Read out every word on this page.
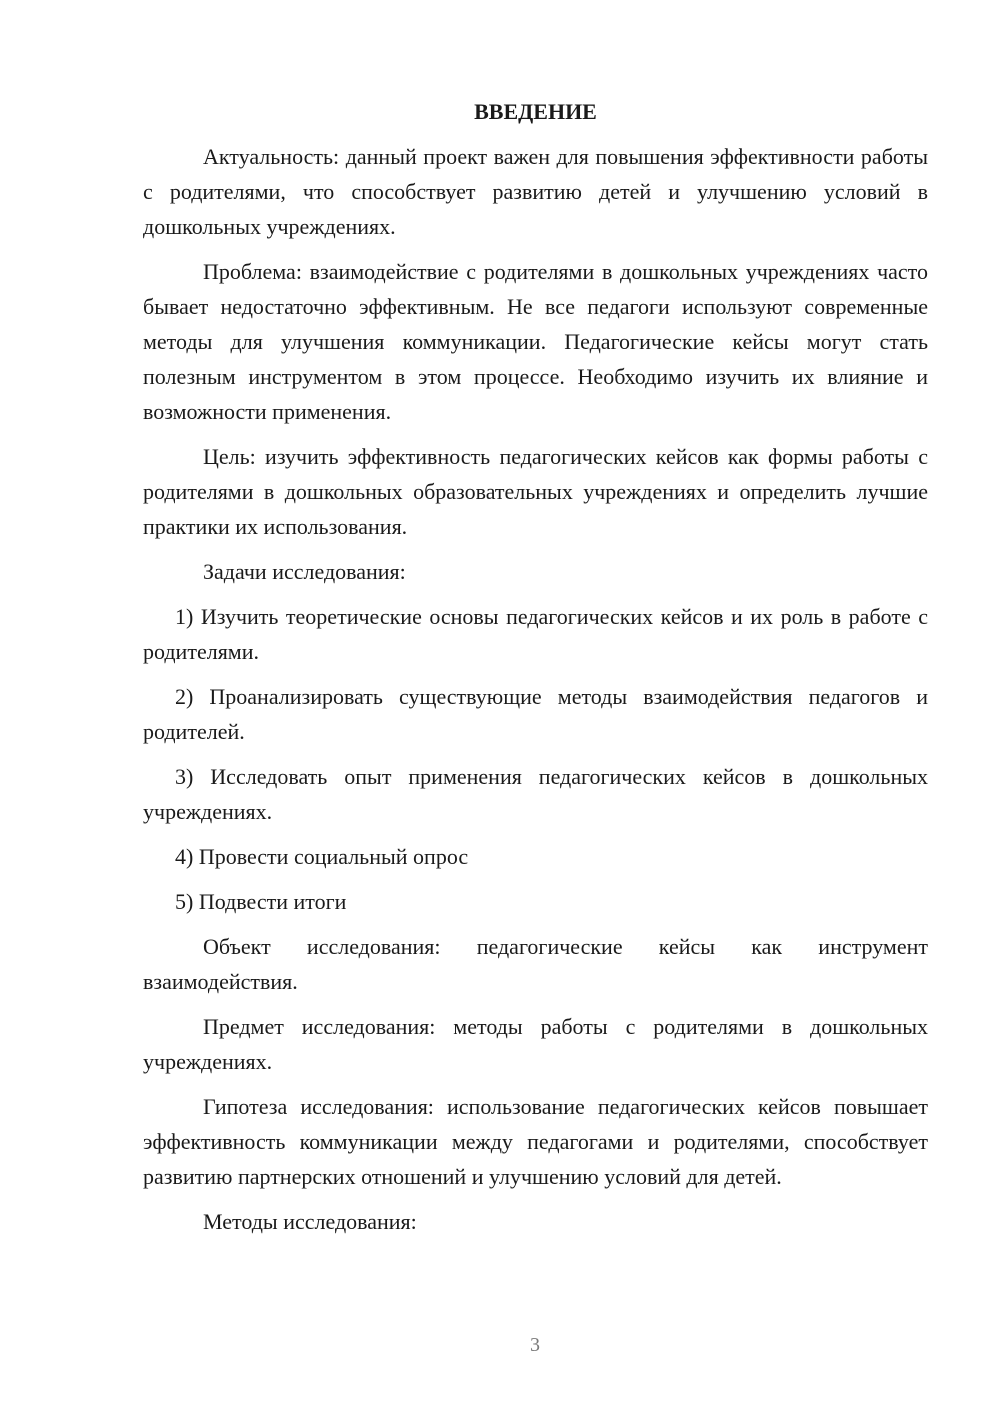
ВВЕДЕНИЕ

Актуальность: данный проект важен для повышения эффективности работы с родителями, что способствует развитию детей и улучшению условий в дошкольных учреждениях.

Проблема: взаимодействие с родителями в дошкольных учреждениях часто бывает недостаточно эффективным. Не все педагоги используют современные методы для улучшения коммуникации. Педагогические кейсы могут стать полезным инструментом в этом процессе. Необходимо изучить их влияние и возможности применения.

Цель: изучить эффективность педагогических кейсов как формы работы с родителями в дошкольных образовательных учреждениях и определить лучшие практики их использования.

Задачи исследования:

1) Изучить теоретические основы педагогических кейсов и их роль в работе с родителями.

2) Проанализировать существующие методы взаимодействия педагогов и родителей.

3) Исследовать опыт применения педагогических кейсов в дошкольных учреждениях.

4) Провести социальный опрос

5) Подвести итоги

Объект исследования: педагогические кейсы как инструмент взаимодействия.

Предмет исследования: методы работы с родителями в дошкольных учреждениях.

Гипотеза исследования: использование педагогических кейсов повышает эффективность коммуникации между педагогами и родителями, способствует развитию партнерских отношений и улучшению условий для детей.

Методы исследования:

3
